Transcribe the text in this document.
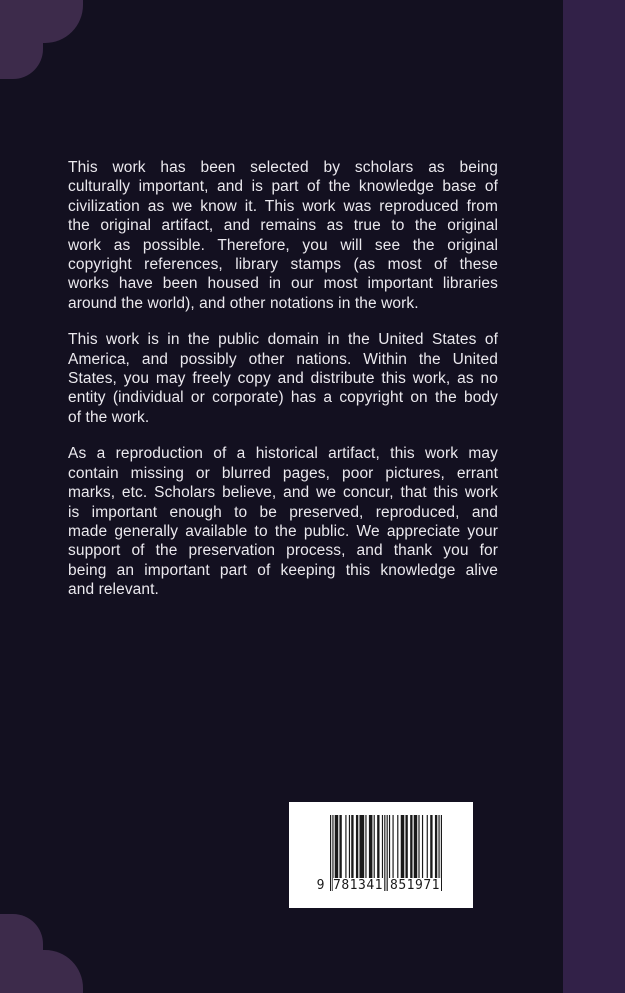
This work has been selected by scholars as being
culturally important, and is part of the knowledge base of
civilization as we know it. This work was reproduced from
the original artifact, and remains as true to the original
work as possible. Therefore, you will see the original
copyright references, library stamps (as most of these
works have been housed in our most important libraries
around the world), and other notations in the work.
This work is in the public domain in the United States of
America, and possibly other nations. Within the United
States, you may freely copy and distribute this work, as no
entity (individual or corporate) has a copyright on the body
of the work.
As a reproduction of a historical artifact, this work may
contain missing or blurred pages, poor pictures, errant
marks, etc. Scholars believe, and we concur, that this work
is important enough to be preserved, reproduced, and
made generally available to the public. We appreciate your
support of the preservation process, and thank you for
being an important part of keeping this knowledge alive
and relevant.
9 781341 851971
